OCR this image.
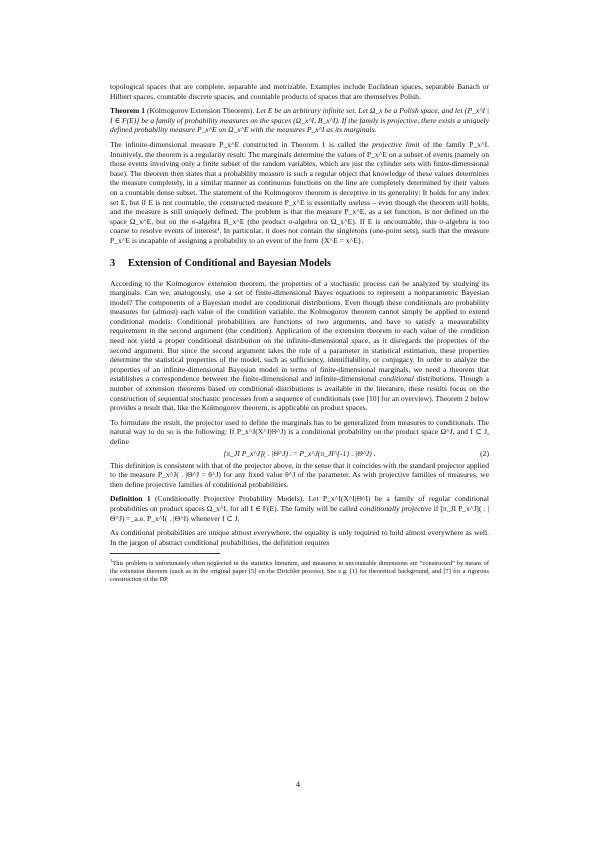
topological spaces that are complete, separable and metrizable. Examples include Euclidean spaces, separable Banach or Hilbert spaces, countable discrete spaces, and countable products of spaces that are themselves Polish.

Theorem 1 (Kolmogorov Extension Theorem). Let E be an arbitrary infinite set. Let Ω_x be a Polish space, and let {P_x^I | I ∈ F(E)} be a family of probability measures on the spaces (Ω_x^I, B_x^I). If the family is projective, there exists a uniquely defined probability measure P_x^E on Ω_x^E with the measures P_x^I as its marginals.

The infinite-dimensional measure P_x^E constructed in Theorem 1 is called the projective limit of the family P_x^I. Intuitively, the theorem is a regularity result: The marginals determine the values of P_x^E on a subset of events (namely on those events involving only a finite subset of the random variables, which are just the cylinder sets with finite-dimensional base). The theorem then states that a probability measure is such a regular object that knowledge of these values determines the measure completely, in a similar manner as continuous functions on the line are completely determined by their values on a countable dense subset. The statement of the Kolmogorov theorem is deceptive in its generality: It holds for any index set E, but if E is not countable, the constructed measure P_x^E is essentially useless – even though the theorem still holds, and the measure is still uniquely defined. The problem is that the measure P_x^E, as a set function, is not defined on the space Ω_x^E, but on the σ-algebra B_x^E (the product σ-algebra on Ω_x^E). If E is uncountable, this σ-algebra is too coarse to resolve events of interest¹. In particular, it does not contain the singletons (one-point sets), such that the measure P_x^E is incapable of assigning a probability to an event of the form {X^E = x^E}.

3 Extension of Conditional and Bayesian Models

According to the Kolmogorov extension theorem, the properties of a stochastic process can be analyzed by studying its marginals. Can we, analogously, use a set of finite-dimensional Bayes equations to represent a nonparametric Bayesian model? The components of a Bayesian model are conditional distributions. Even though these conditionals are probability measures for (almost) each value of the condition variable, the Kolmogorov theorem cannot simply be applied to extend conditional models: Conditional probabilities are functions of two arguments, and have to satisfy a measurability requirement in the second argument (the condition). Application of the extension theorem to each value of the condition need not yield a proper conditional distribution on the infinite-dimensional space, as it disregards the properties of the second argument. But since the second argument takes the role of a parameter in statistical estimation, these properties determine the statistical properties of the model, such as sufficiency, identifiability, or conjugacy. In order to analyze the properties of an infinite-dimensional Bayesian model in terms of finite-dimensional marginals, we need a theorem that establishes a correspondence between the finite-dimensional and infinite-dimensional conditional distributions. Though a number of extension theorems based on conditional distributions is available in the literature, these results focus on the construction of sequential stochastic processes from a sequence of conditionals (see [10] for an overview). Theorem 2 below provides a result that, like the Kolmogorov theorem, is applicable on product spaces.

To formulate the result, the projector used to define the marginals has to be generalized from measures to conditionals. The natural way to do so is the following: If P_x^J(X^J|Θ^J) is a conditional probability on the product space Ω^J, and I ⊂ J, define

[π_JI P_x^J]( . |Θ^J) := P_x^J(π_JI^{-1} . |Θ^J) .	(2)

This definition is consistent with that of the projector above, in the sense that it coincides with the standard projector applied to the measure P_x^J( . |Θ^J = θ^J) for any fixed value θ^J of the parameter. As with projective families of measures, we then define projective families of conditional probabilities.

Definition 1 (Conditionally Projective Probability Models). Let P_x^I(X^I|Θ^I) be a family of regular conditional probabilities on product spaces Ω_x^I, for all I ∈ F(E). The family will be called conditionally projective if [π_JI P_x^J]( . |Θ^J) =_a.e. P_x^I( . |Θ^I) whenever I ⊂ J.

As conditional probabilities are unique almost everywhere, the equality is only required to hold almost everywhere as well. In the jargon of abstract conditional probabilities, the definition requires

$^1$This problem is unfortunately often neglected in the statistics literature, and measures in uncountable dimensions are “constructed” by means of the extension theorem (such as in the original paper [5] on the Dirichlet process). See e.g. [1] for theoretical background, and [7] for a rigorous construction of the DP.

4
